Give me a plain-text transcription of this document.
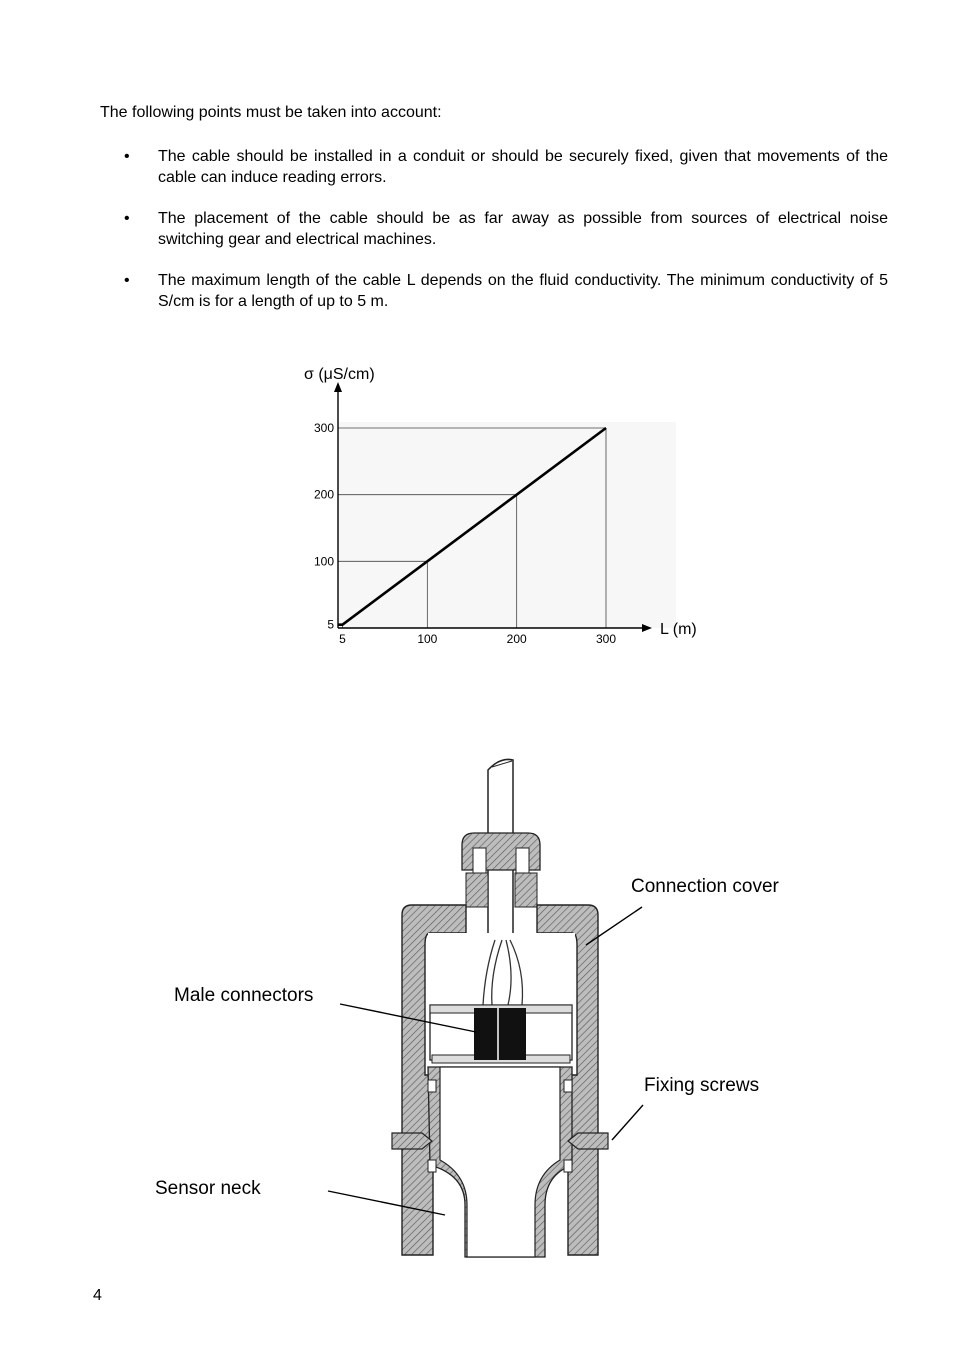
The following points must be taken into account:

• The cable should be installed in a conduit or should be securely fixed, given that movements of the cable can induce reading errors.
• The placement of the cable should be as far away as possible from sources of electrical noise switching gear and electrical machines.
• The maximum length of the cable L depends on the fluid conductivity. The minimum conductivity of 5 S/cm is for a length of up to 5 m.
5
100
200
300
5	100	200	300
σ (μS/cm)
L (m)
Connection cover
Male connectors
Fixing screws
Sensor neck
4
